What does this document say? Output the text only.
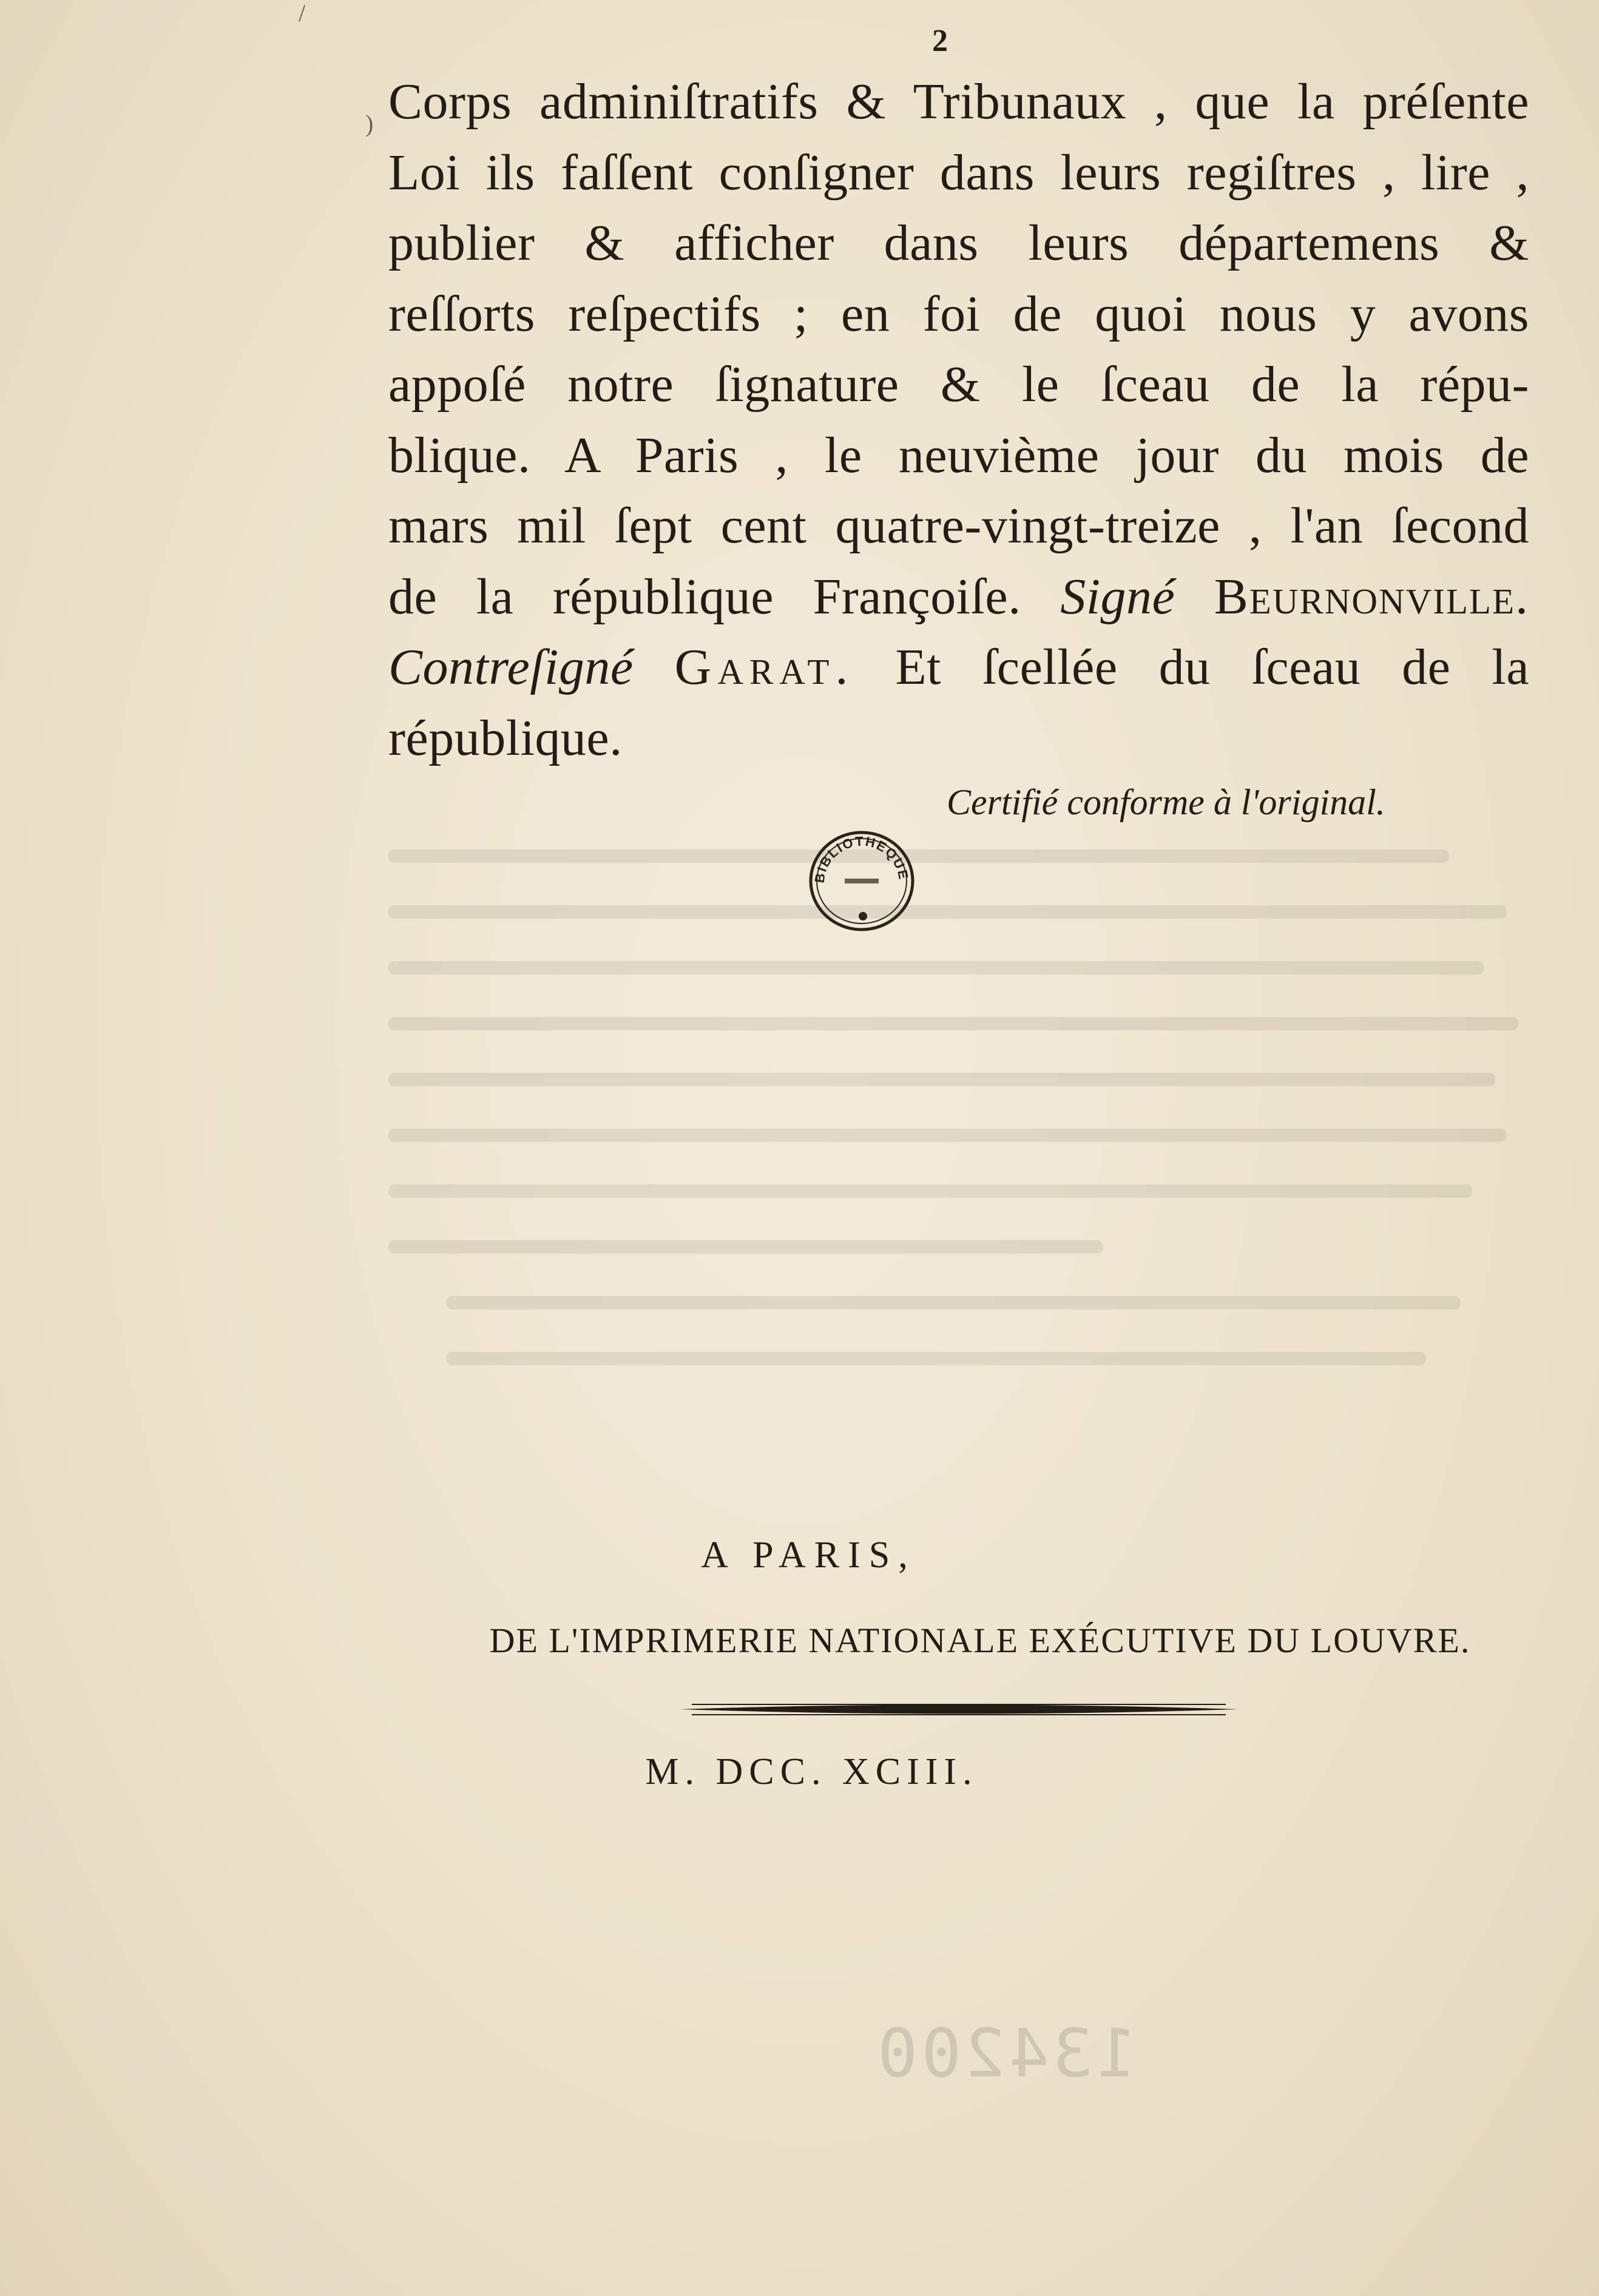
/
)
2
Corps adminiſtratifs & Tribunaux , que la préſente
Loi ils faſſent conſigner dans leurs regiſtres , lire ,
publier & afficher dans leurs départemens &
reſſorts reſpectifs ; en foi de quoi nous y avons
appoſé notre ſignature & le ſceau de la répu-
blique. A Paris , le neuvième jour du mois de
mars mil ſept cent quatre-vingt-treize , l'an ſecond
de la république Françoiſe. Signé Beurnonville.
Contreſigné Garat. Et ſcellée du ſceau de la
république.
Certifié conforme à l'original.
BIBLIOTHEQUE
A PARIS,
DE L'IMPRIMERIE NATIONALE EXÉCUTIVE DU LOUVRE.
M. DCC. XCIII.
134200
